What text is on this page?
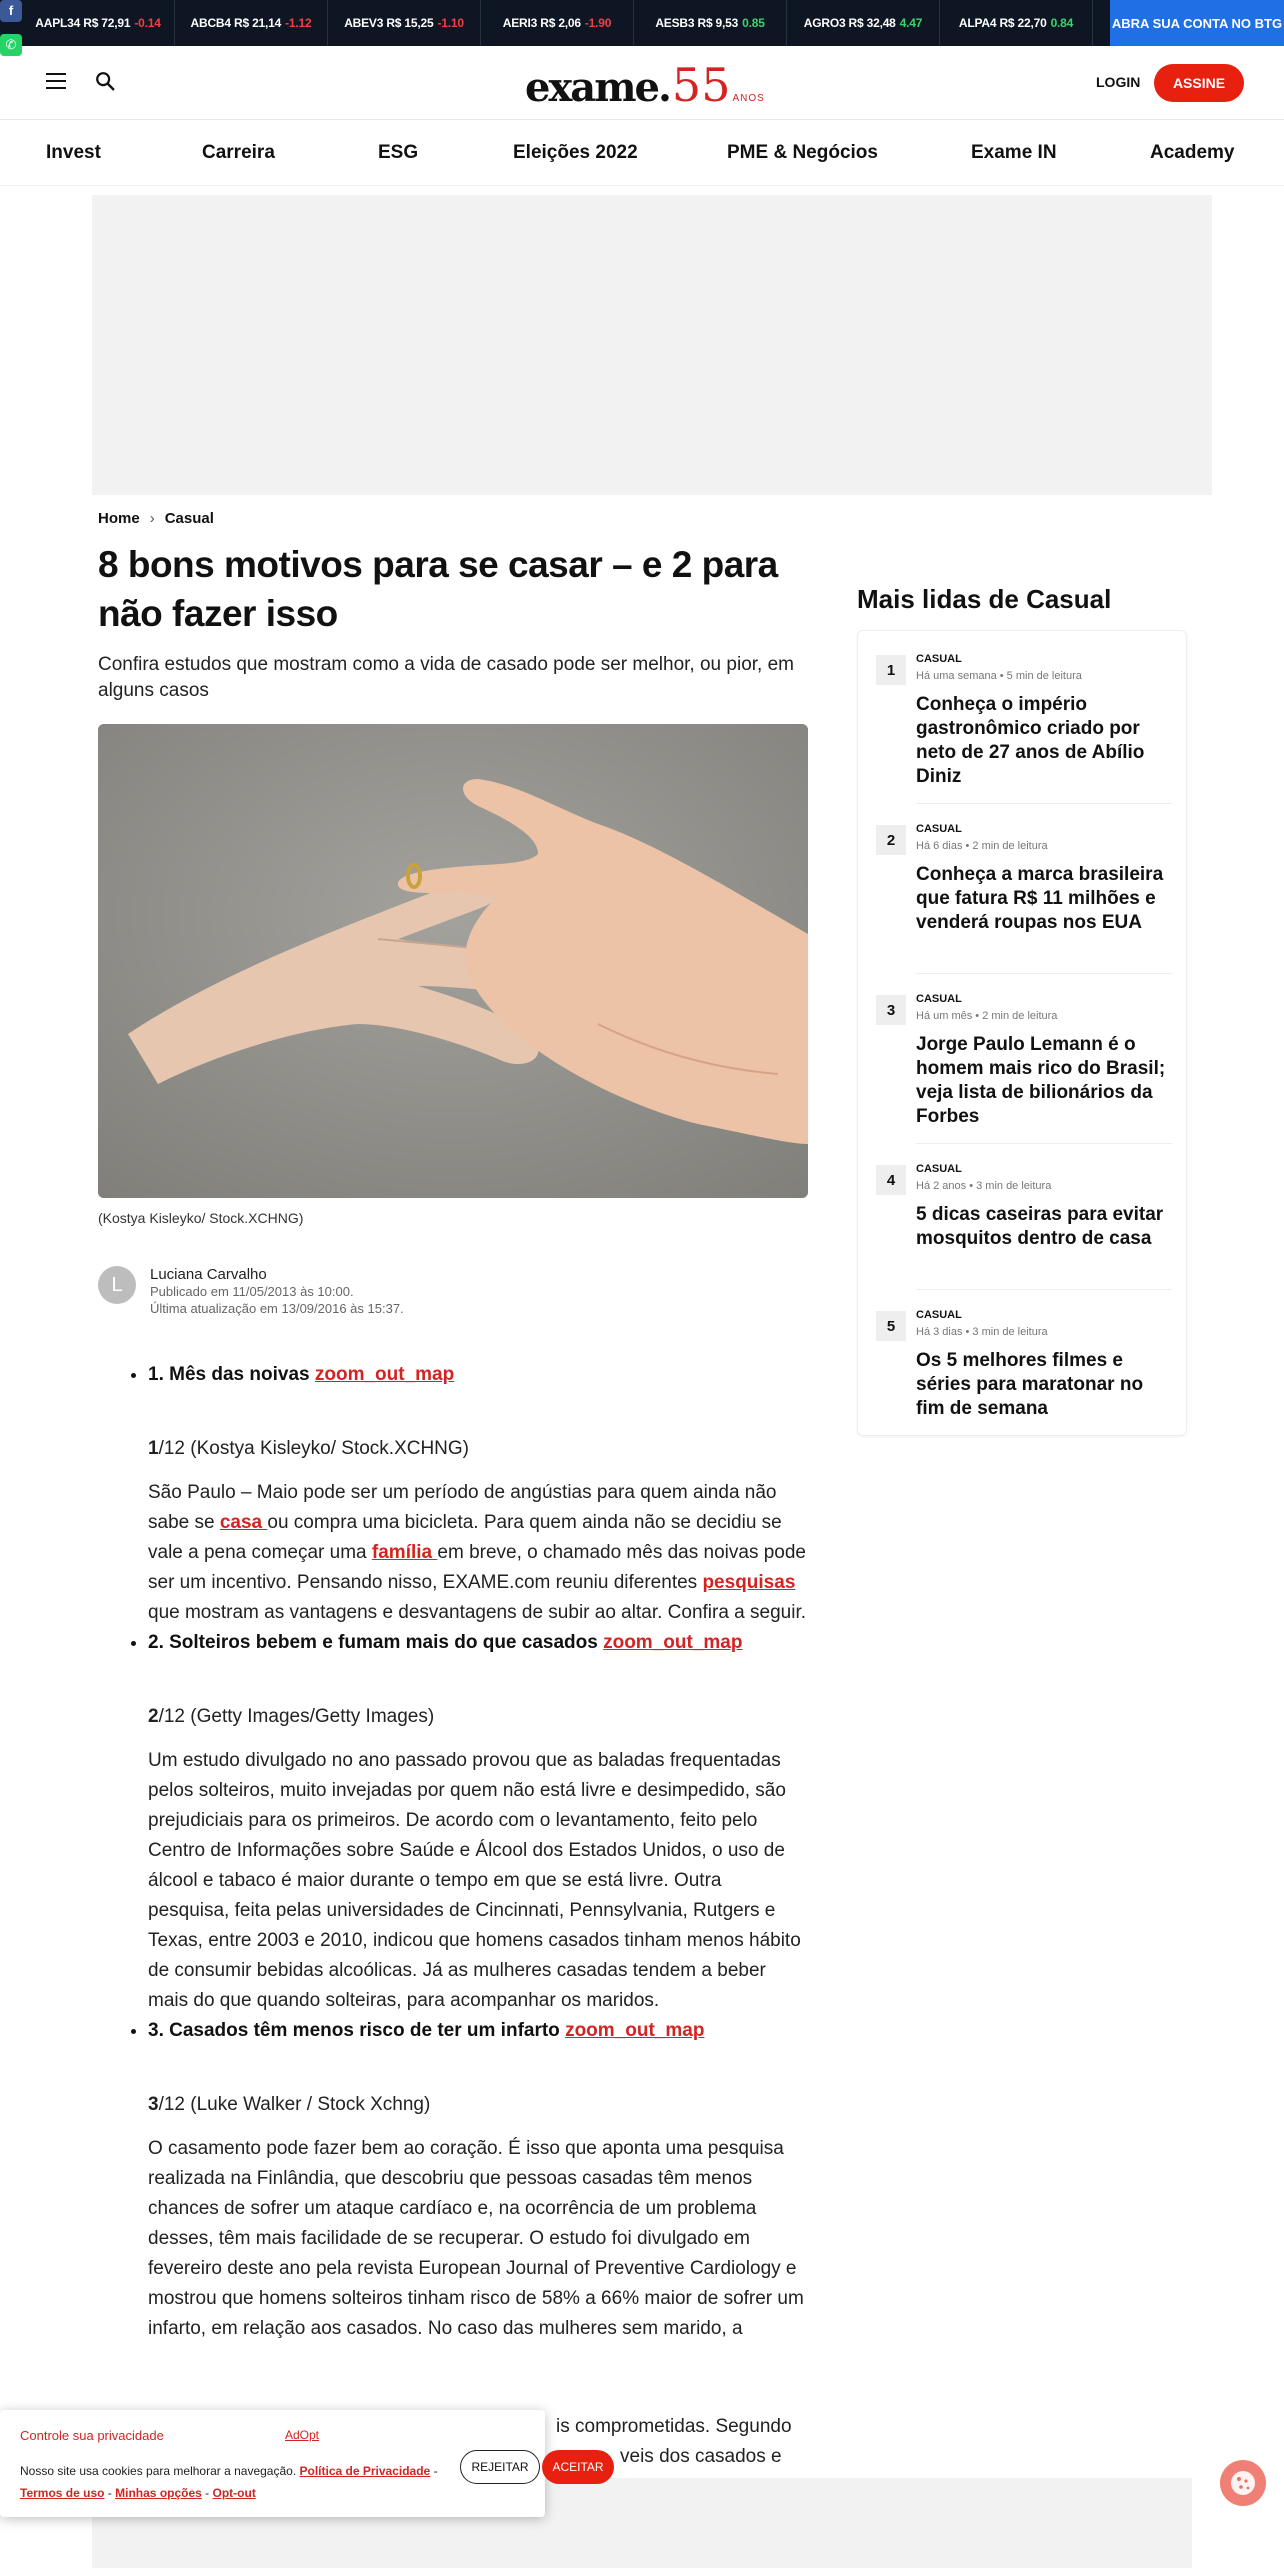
f
✆
AAPL34 R$ 72,91 -0.14 ABCB4 R$ 21,14 -1.12	ABEV3 R$ 15,25 -1.10	AERI3 R$ 2,06 -1.90	AESB3 R$ 9,53 0.85	AGRO3 R$ 32,48 4.47	ALPA4 R$ 22,70 0.84	ABRA SUA CONTA NO BTG
exame. 55 ANOS
LOGIN	ASSINE
Invest	Carreira	ESG	Eleições 2022	PME & Negócios	Exame IN	Academy
Home › Casual
8 bons motivos para se casar – e 2 para não fazer isso
Confira estudos que mostram como a vida de casado pode ser melhor, ou pior, em alguns casos
(Kostya Kisleyko/ Stock.XCHNG)
L	Luciana Carvalho
Publicado em 11/05/2013 às 10:00.
Última atualização em 13/09/2016 às 15:37.
• 1. Mês das noivas zoom_out_map
1/12 (Kostya Kisleyko/ Stock.XCHNG)

São Paulo – Maio pode ser um período de angústias para quem ainda não sabe se casa ou compra uma bicicleta. Para quem ainda não se decidiu se vale a pena começar uma família em breve, o chamado mês das noivas pode ser um incentivo. Pensando nisso, EXAME.com reuniu diferentes pesquisas que mostram as vantagens e desvantagens de subir ao altar. Confira a seguir.

• 2. Solteiros bebem e fumam mais do que casados zoom_out_map
2/12 (Getty Images/Getty Images)

Um estudo divulgado no ano passado provou que as baladas frequentadas pelos solteiros, muito invejadas por quem não está livre e desimpedido, são prejudiciais para os primeiros. De acordo com o levantamento, feito pelo Centro de Informações sobre Saúde e Álcool dos Estados Unidos, o uso de álcool e tabaco é maior durante o tempo em que se está livre. Outra pesquisa, feita pelas universidades de Cincinnati, Pennsylvania, Rutgers e Texas, entre 2003 e 2010, indicou que homens casados tinham menos hábito de consumir bebidas alcoólicas. Já as mulheres casadas tendem a beber mais do que quando solteiras, para acompanhar os maridos.

• 3. Casados têm menos risco de ter um infarto zoom_out_map
3/12 (Luke Walker / Stock Xchng)

O casamento pode fazer bem ao coração. É isso que aponta uma pesquisa realizada na Finlândia, que descobriu que pessoas casadas têm menos chances de sofrer um ataque cardíaco e, na ocorrência de um problema desses, têm mais facilidade de se recuperar. O estudo foi divulgado em fevereiro deste ano pela revista European Journal of Preventive Cardiology e mostrou que homens solteiros tinham risco de 58% a 66% maior de sofrer um infarto, em relação aos casados. No caso das mulheres sem marido, a

is comprometidas. Segundo
veis dos casados e
Mais lidas de Casual
1
CASUAL
Há uma semana • 5 min de leitura
Conheça o império gastronômico criado por neto de 27 anos de Abílio Diniz
2
CASUAL
Há 6 dias • 2 min de leitura
Conheça a marca brasileira que fatura R$ 11 milhões e venderá roupas nos EUA
3
CASUAL
Há um mês • 2 min de leitura
Jorge Paulo Lemann é o homem mais rico do Brasil; veja lista de bilionários da Forbes
4
CASUAL
Há 2 anos • 3 min de leitura
5 dicas caseiras para evitar mosquitos dentro de casa
5
CASUAL
Há 3 dias • 3 min de leitura
Os 5 melhores filmes e séries para maratonar no fim de semana
Controle sua privacidade	AdOpt
Nosso site usa cookies para melhorar a navegação. Política de Privacidade -
Termos de uso - Minhas opções - Opt-out
REJEITAR	ACEITAR
